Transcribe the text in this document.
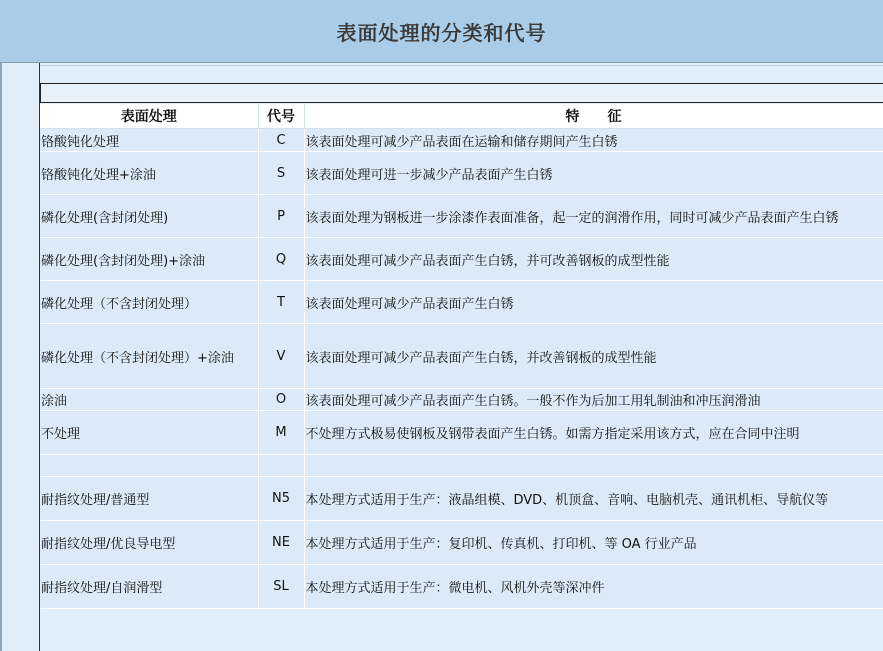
表面处理的分类和代号
表面处理	代号	特　　征
铬酸钝化处理	C	该表面处理可减少产品表面在运输和储存期间产生白锈
铬酸钝化处理+涂油	S	该表面处理可进一步减少产品表面产生白锈
磷化处理(含封闭处理)	P	该表面处理为钢板进一步涂漆作表面准备，起一定的润滑作用，同时可减少产品表面产生白锈
磷化处理(含封闭处理)+涂油	Q	该表面处理可减少产品表面产生白锈，并可改善钢板的成型性能
磷化处理（不含封闭处理）	T	该表面处理可减少产品表面产生白锈
磷化处理（不含封闭处理）+涂油	V	该表面处理可减少产品表面产生白锈，并改善钢板的成型性能
涂油	O	该表面处理可减少产品表面产生白锈。一般不作为后加工用轧制油和冲压润滑油
不处理	M	不处理方式极易使钢板及钢带表面产生白锈。如需方指定采用该方式，应在合同中注明

耐指纹处理/普通型	N5	本处理方式适用于生产：液晶组模、DVD、机顶盒、音响、电脑机壳、通讯机柜、导航仪等
耐指纹处理/优良导电型	NE	本处理方式适用于生产：复印机、传真机、打印机、等 OA 行业产品
耐指纹处理/自润滑型	SL	本处理方式适用于生产：微电机、风机外壳等深冲件
